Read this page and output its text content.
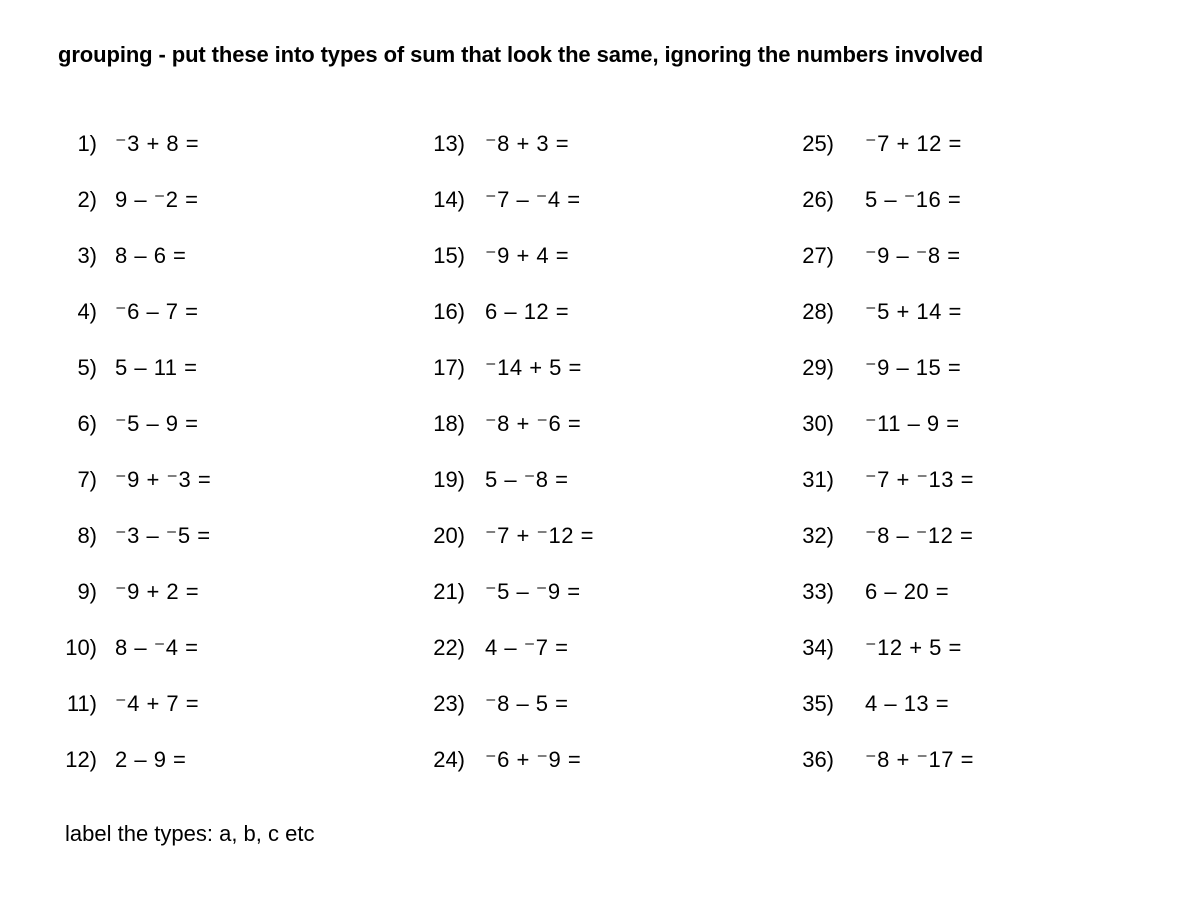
grouping - put these into types of sum that look the same, ignoring the numbers involved
1) ⁻3 + 8 =
2) 9 – ⁻2 =
3) 8 – 6 =
4) ⁻6 – 7 =
5) 5 – 11 =
6) ⁻5 – 9 =
7) ⁻9 + ⁻3 =
8) ⁻3 – ⁻5 =
9) ⁻9 + 2 =
10) 8 – ⁻4 =
11) ⁻4 + 7 =
12) 2 – 9 =
13) ⁻8 + 3 =
14) ⁻7 – ⁻4 =
15) ⁻9 + 4 =
16) 6 – 12 =
17) ⁻14 + 5 =
18) ⁻8 + ⁻6 =
19) 5 – ⁻8 =
20) ⁻7 + ⁻12 =
21) ⁻5 – ⁻9 =
22) 4 – ⁻7 =
23) ⁻8 – 5 =
24) ⁻6 + ⁻9 =
25) ⁻7 + 12 =
26) 5 – ⁻16 =
27) ⁻9 – ⁻8 =
28) ⁻5 + 14 =
29) ⁻9 – 15 =
30) ⁻11 – 9 =
31) ⁻7 + ⁻13 =
32) ⁻8 – ⁻12 =
33) 6 – 20 =
34) ⁻12 + 5 =
35) 4 – 13 =
36) ⁻8 + ⁻17 =
label the types: a, b, c etc
